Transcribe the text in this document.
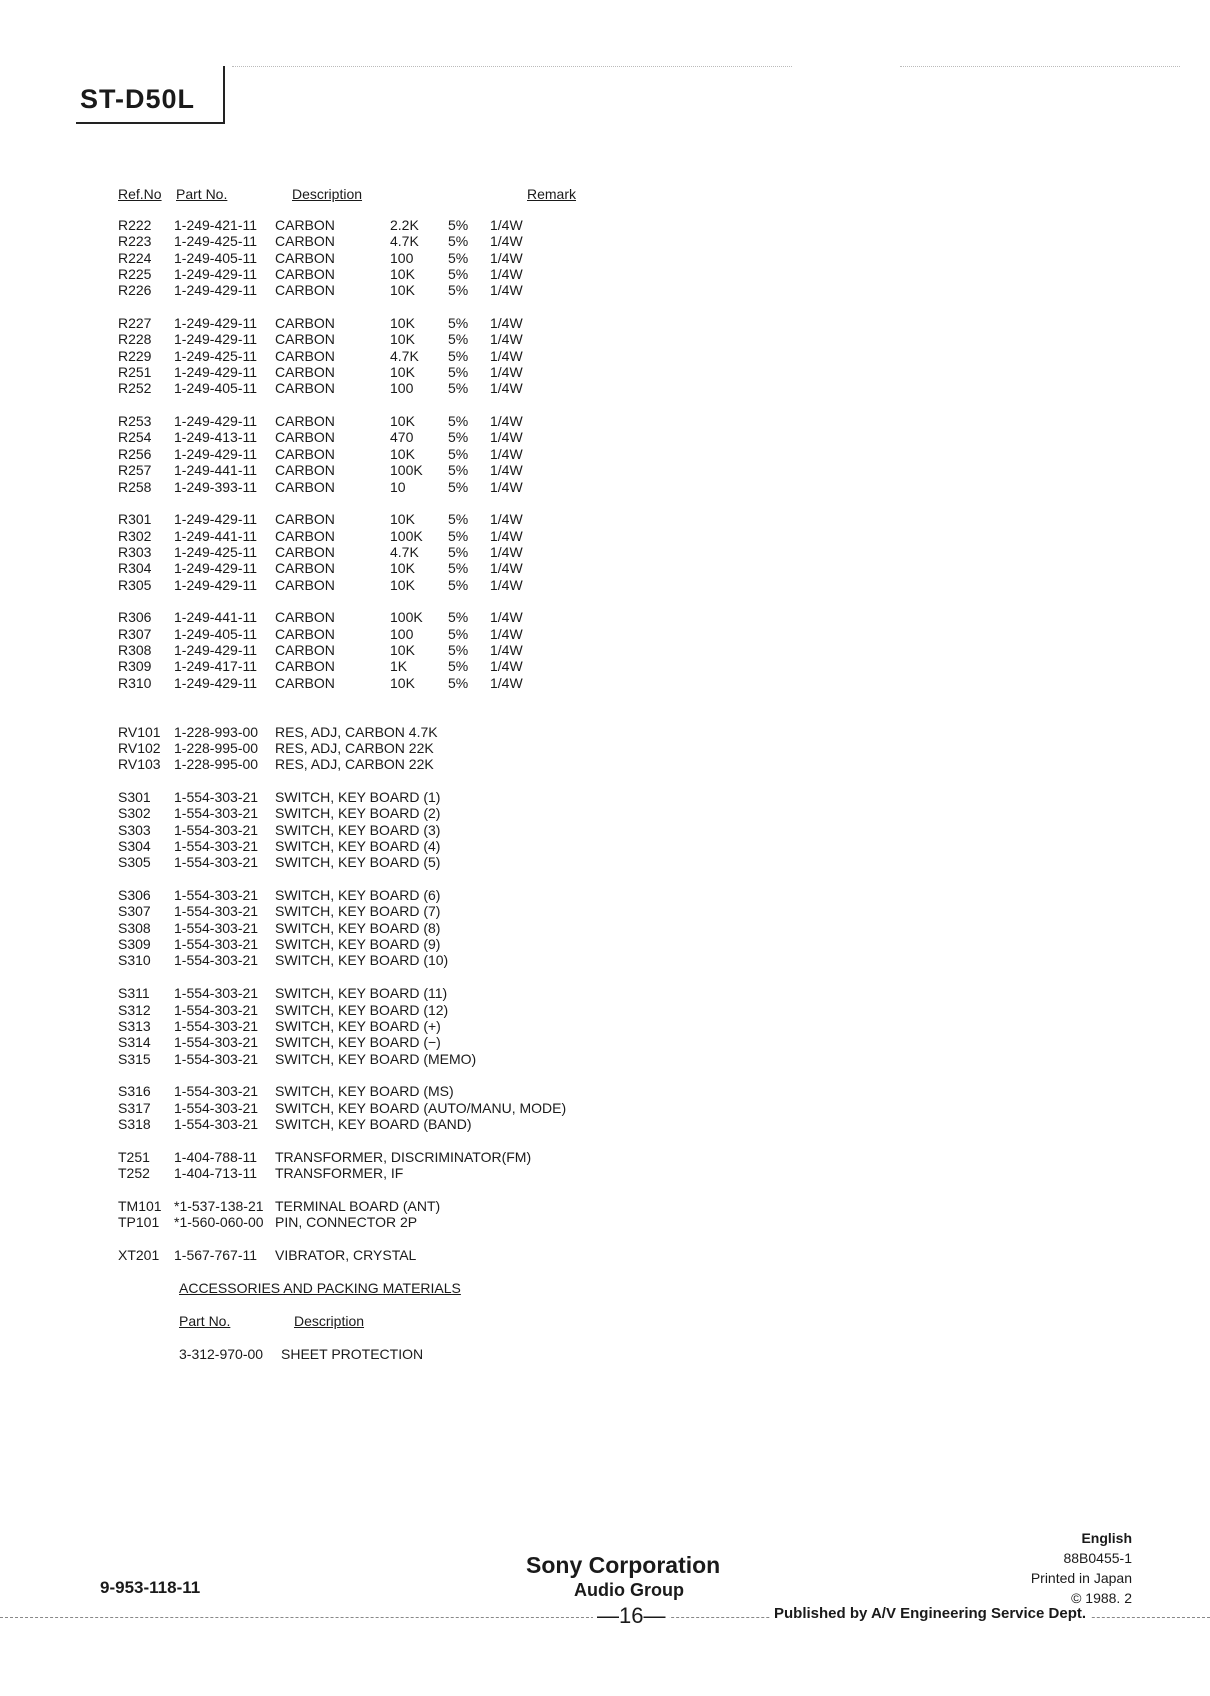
ST-D50L
Ref.No Part No.	Description	Remark
R222 1-249-421-11 CARBON	2.2K 5% 1/4W
R223 1-249-425-11 CARBON	4.7K 5% 1/4W
R224 1-249-405-11 CARBON	100 5% 1/4W
R225 1-249-429-11 CARBON	10K 5% 1/4W
R226 1-249-429-11 CARBON	10K 5% 1/4W
R227 1-249-429-11 CARBON	10K 5% 1/4W
R228 1-249-429-11 CARBON	10K 5% 1/4W
R229 1-249-425-11 CARBON	4.7K 5% 1/4W
R251 1-249-429-11 CARBON	10K 5% 1/4W
R252 1-249-405-11 CARBON	100 5% 1/4W
R253 1-249-429-11 CARBON	10K 5% 1/4W
R254 1-249-413-11 CARBON	470 5% 1/4W
R256 1-249-429-11 CARBON	10K 5% 1/4W
R257 1-249-441-11 CARBON	100K 5% 1/4W
R258 1-249-393-11 CARBON	10	5% 1/4W
R301 1-249-429-11 CARBON	10K 5% 1/4W
R302 1-249-441-11 CARBON	100K 5% 1/4W
R303 1-249-425-11 CARBON	4.7K 5% 1/4W
R304 1-249-429-11 CARBON	10K 5% 1/4W
R305 1-249-429-11 CARBON	10K 5% 1/4W
R306 1-249-441-11 CARBON	100K 5% 1/4W
R307 1-249-405-11 CARBON	100 5% 1/4W
R308 1-249-429-11 CARBON	10K 5% 1/4W
R309 1-249-417-11 CARBON	1K	5% 1/4W
R310 1-249-429-11 CARBON	10K 5% 1/4W
RV101 1-228-993-00 RES, ADJ, CARBON 4.7K
RV102 1-228-995-00 RES, ADJ, CARBON 22K
RV103 1-228-995-00 RES, ADJ, CARBON 22K
S301 1-554-303-21 SWITCH, KEY BOARD (1)
S302 1-554-303-21 SWITCH, KEY BOARD (2)
S303 1-554-303-21 SWITCH, KEY BOARD (3)
S304 1-554-303-21 SWITCH, KEY BOARD (4)
S305 1-554-303-21 SWITCH, KEY BOARD (5)
S306 1-554-303-21 SWITCH, KEY BOARD (6)
S307 1-554-303-21 SWITCH, KEY BOARD (7)
S308 1-554-303-21 SWITCH, KEY BOARD (8)
S309 1-554-303-21 SWITCH, KEY BOARD (9)
S310 1-554-303-21 SWITCH, KEY BOARD (10)
S311 1-554-303-21 SWITCH, KEY BOARD (11)
S312 1-554-303-21 SWITCH, KEY BOARD (12)
S313 1-554-303-21 SWITCH, KEY BOARD (+)
S314 1-554-303-21 SWITCH, KEY BOARD (−)
S315 1-554-303-21 SWITCH, KEY BOARD (MEMO)
S316 1-554-303-21 SWITCH, KEY BOARD (MS)
S317 1-554-303-21 SWITCH, KEY BOARD (AUTO/MANU, MODE)
S318 1-554-303-21 SWITCH, KEY BOARD (BAND)
T251 1-404-788-11 TRANSFORMER, DISCRIMINATOR(FM)
T252 1-404-713-11 TRANSFORMER, IF
TM101 *1-537-138-21 TERMINAL BOARD (ANT)
TP101 *1-560-060-00 PIN, CONNECTOR 2P
XT201 1-567-767-11 VIBRATOR, CRYSTAL
ACCESSORIES AND PACKING MATERIALS
Part No.	Description
3-312-970-00 SHEET PROTECTION
9-953-118-11
Sony Corporation
Audio Group
—16—	Published by A/V Engineering Service Dept.
English
88B0455-1
Printed in Japan
© 1988. 2
